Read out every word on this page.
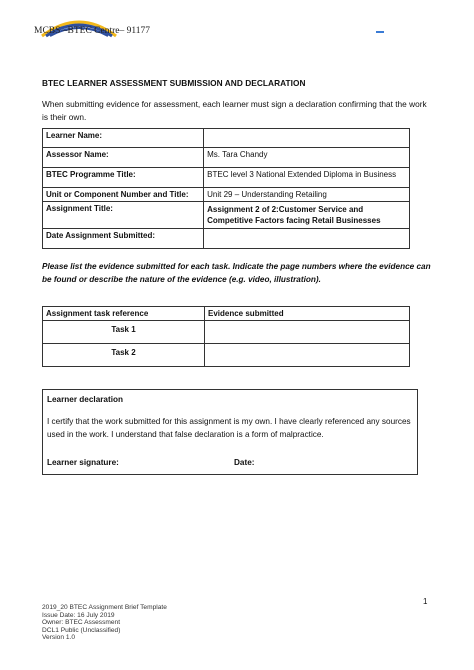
MCBS –BTEC Centre– 91177
BTEC LEARNER ASSESSMENT SUBMISSION AND DECLARATION
When submitting evidence for assessment, each learner must sign a declaration confirming that the work is their own.
Learner Name:	
Assessor Name:	Ms. Tara Chandy
BTEC Programme Title:	BTEC level 3 National Extended Diploma in Business
Unit or Component Number and Title:	Unit 29 – Understanding Retailing
Assignment Title:	Assignment 2 of 2:Customer Service and Competitive Factors facing Retail Businesses
Date Assignment Submitted:	
Please list the evidence submitted for each task. Indicate the page numbers where the evidence can be found or describe the nature of the evidence (e.g. video, illustration).
Assignment task reference	Evidence submitted
Task 1	
Task 2	

Learner declaration

I certify that the work submitted for this assignment is my own. I have clearly referenced any sources used in the work. I understand that false declaration is a form of malpractice.

Learner signature:	Date:
1
2019_20 BTEC Assignment Brief Template
Issue Date: 16 July 2019
Owner: BTEC Assessment
DCL1 Public (Unclassified)
Version 1.0
